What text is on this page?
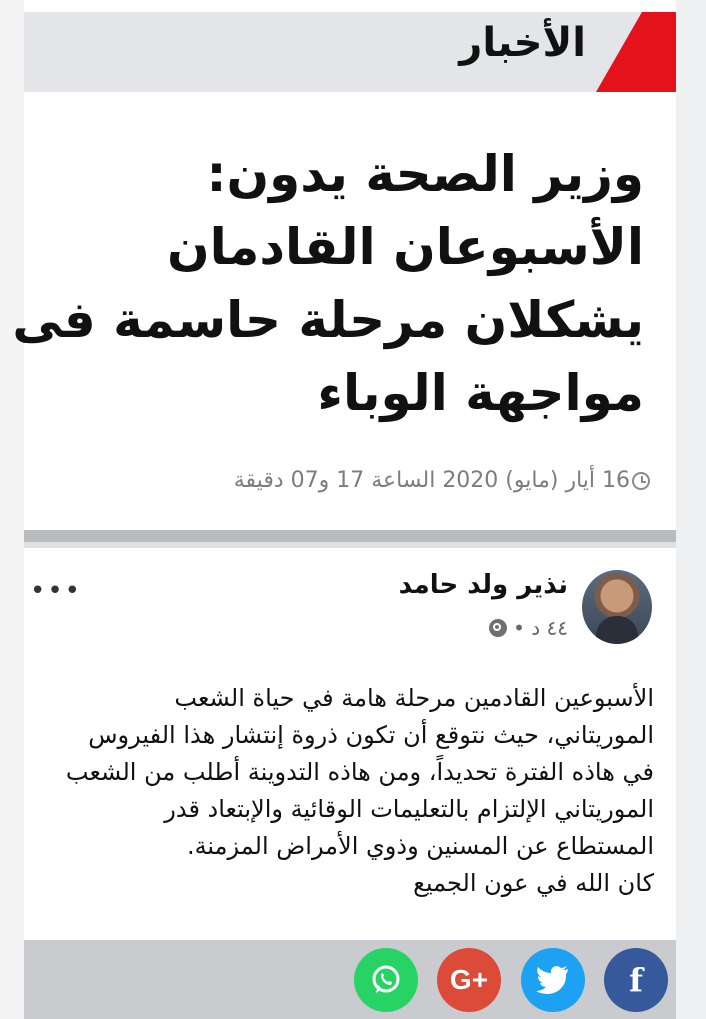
الأخبار
وزير الصحة يدون:
الأسبوعان القادمان
يشكلان مرحلة حاسمة فى
مواجهة الوباء
16 أيار (مايو) 2020 الساعة 17 و07 دقيقة
نذير ولد حامد
٤٤ د •
•••
الأسبوعين القادمين مرحلة هامة في حياة الشعب
الموريتاني، حيث نتوقع أن تكون ذروة إنتشار هذا الفيروس
في هاذه الفترة تحديداً، ومن هاذه التدوينة أطلب من الشعب
الموريتاني الإلتزام بالتعليمات الوقائية والإبتعاد قدر
المستطاع عن المسنين وذوي الأمراض المزمنة.
كان الله في عون الجميع
G+	f
